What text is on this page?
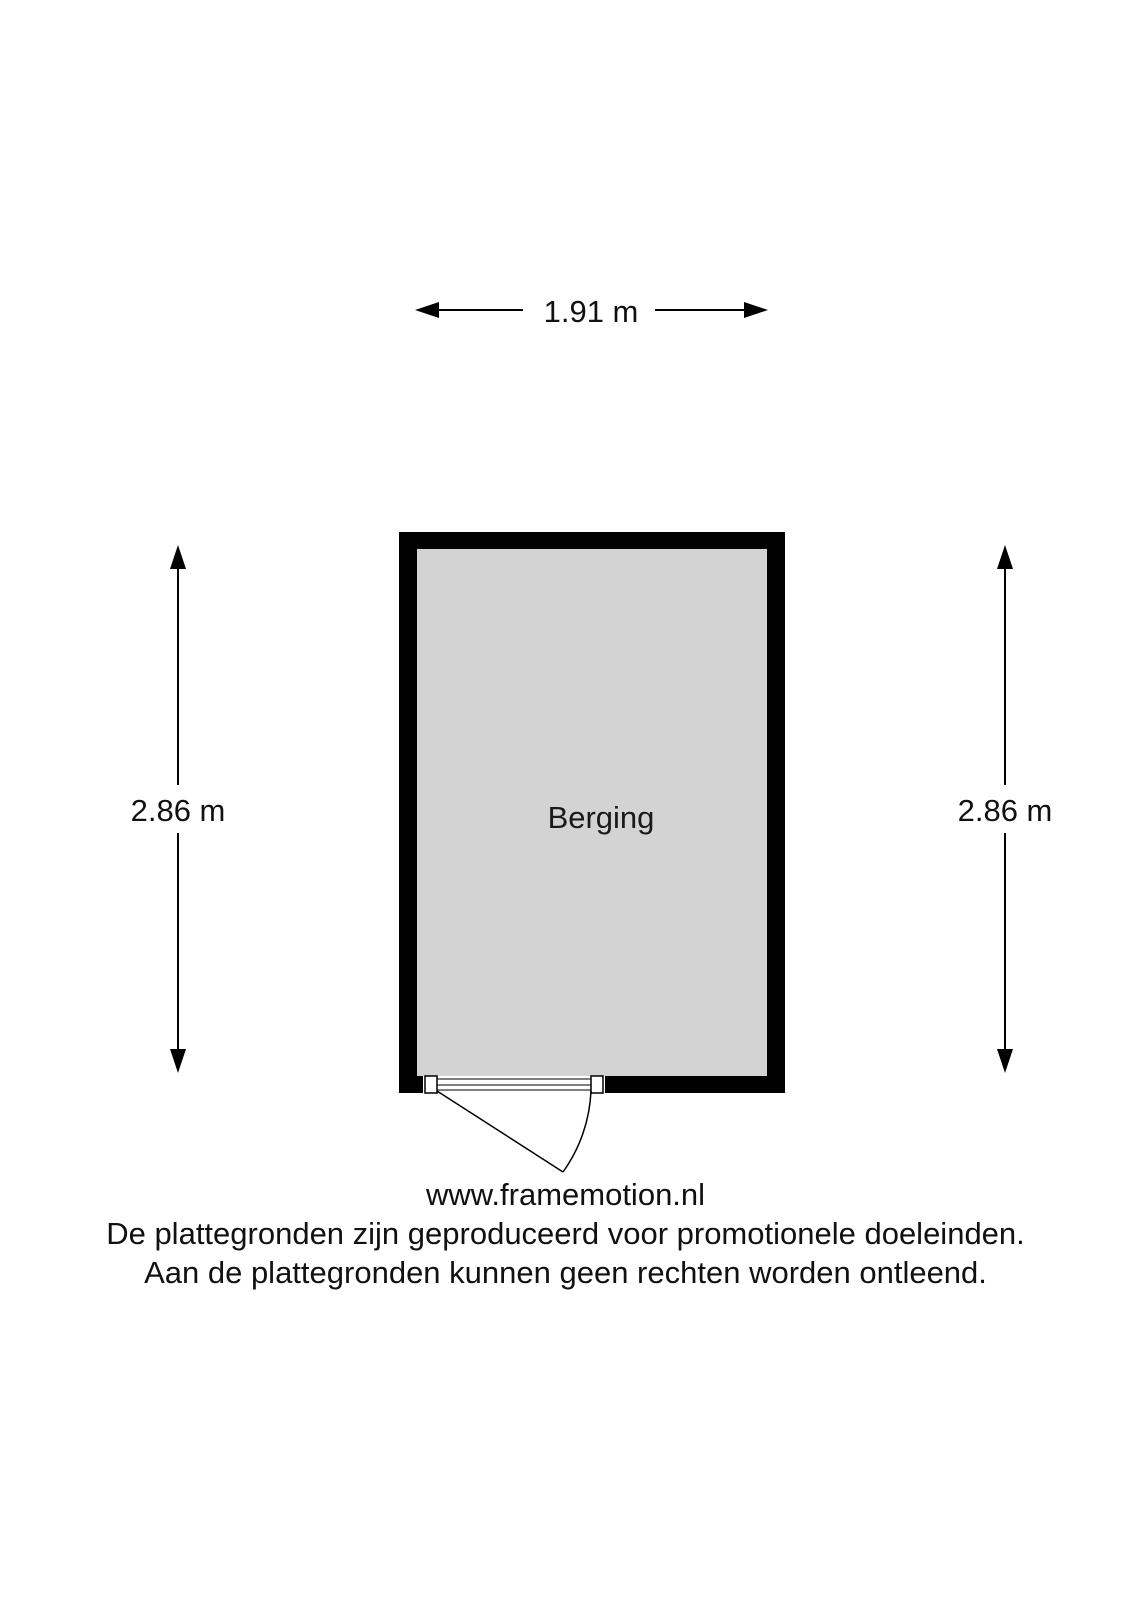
1.91 m
2.86 m	2.86 m
Berging
www.framemotion.nl
De plattegronden zijn geproduceerd voor promotionele doeleinden.
Aan de plattegronden kunnen geen rechten worden ontleend.
